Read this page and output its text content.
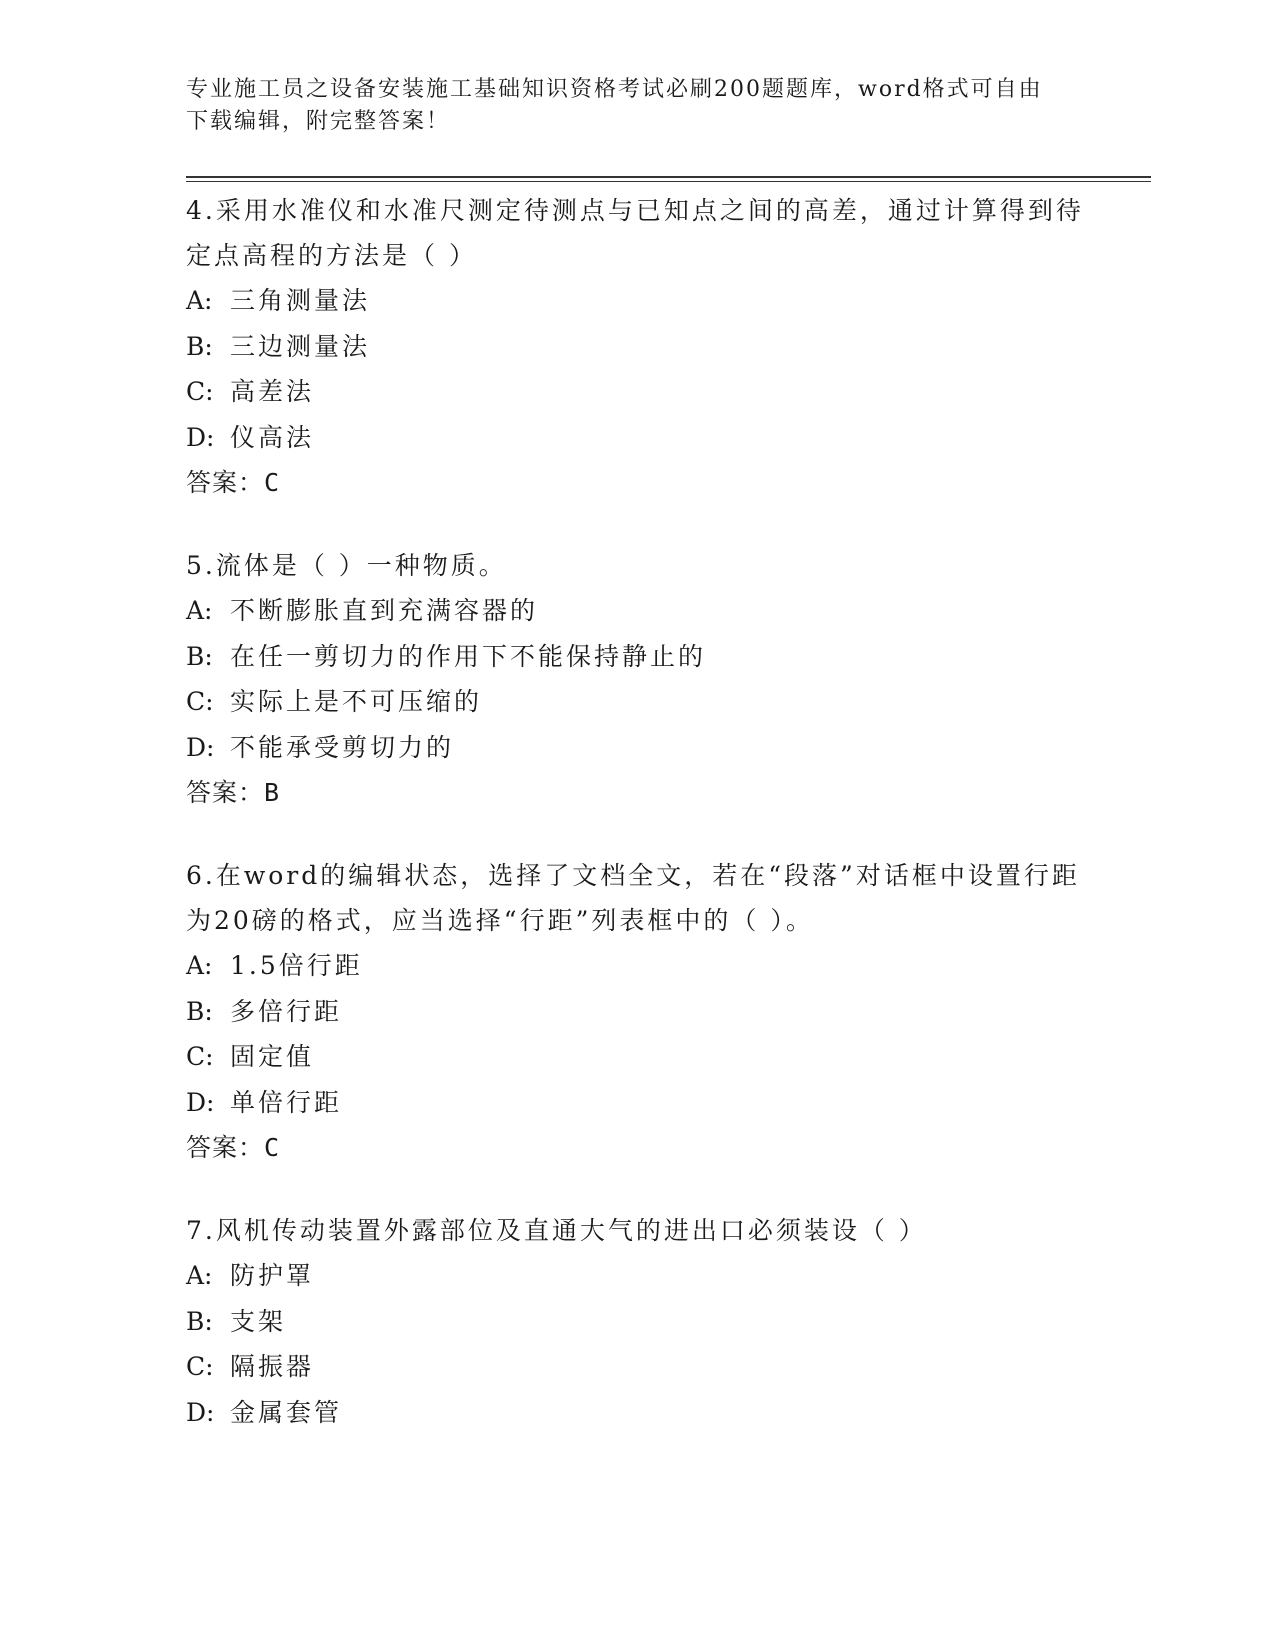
专业施工员之设备安装施工基础知识资格考试必刷200题题库，word格式可自由下载编辑，附完整答案！

4.采用水准仪和水准尺测定待测点与已知点之间的高差，通过计算得到待定点高程的方法是（ ）

A: 三角测量法

B: 三边测量法

C: 高差法

D: 仪高法

答案：C

5.流体是（ ）一种物质。

A: 不断膨胀直到充满容器的

B: 在任一剪切力的作用下不能保持静止的

C: 实际上是不可压缩的

D: 不能承受剪切力的

答案：B

6.在word的编辑状态，选择了文档全文，若在“段落”对话框中设置行距为20磅的格式，应当选择“行距”列表框中的（ ）。

A: 1.5倍行距

B: 多倍行距

C: 固定值

D: 单倍行距

答案：C

7.风机传动装置外露部位及直通大气的进出口必须装设（ ）

A: 防护罩

B: 支架

C: 隔振器

D: 金属套管
